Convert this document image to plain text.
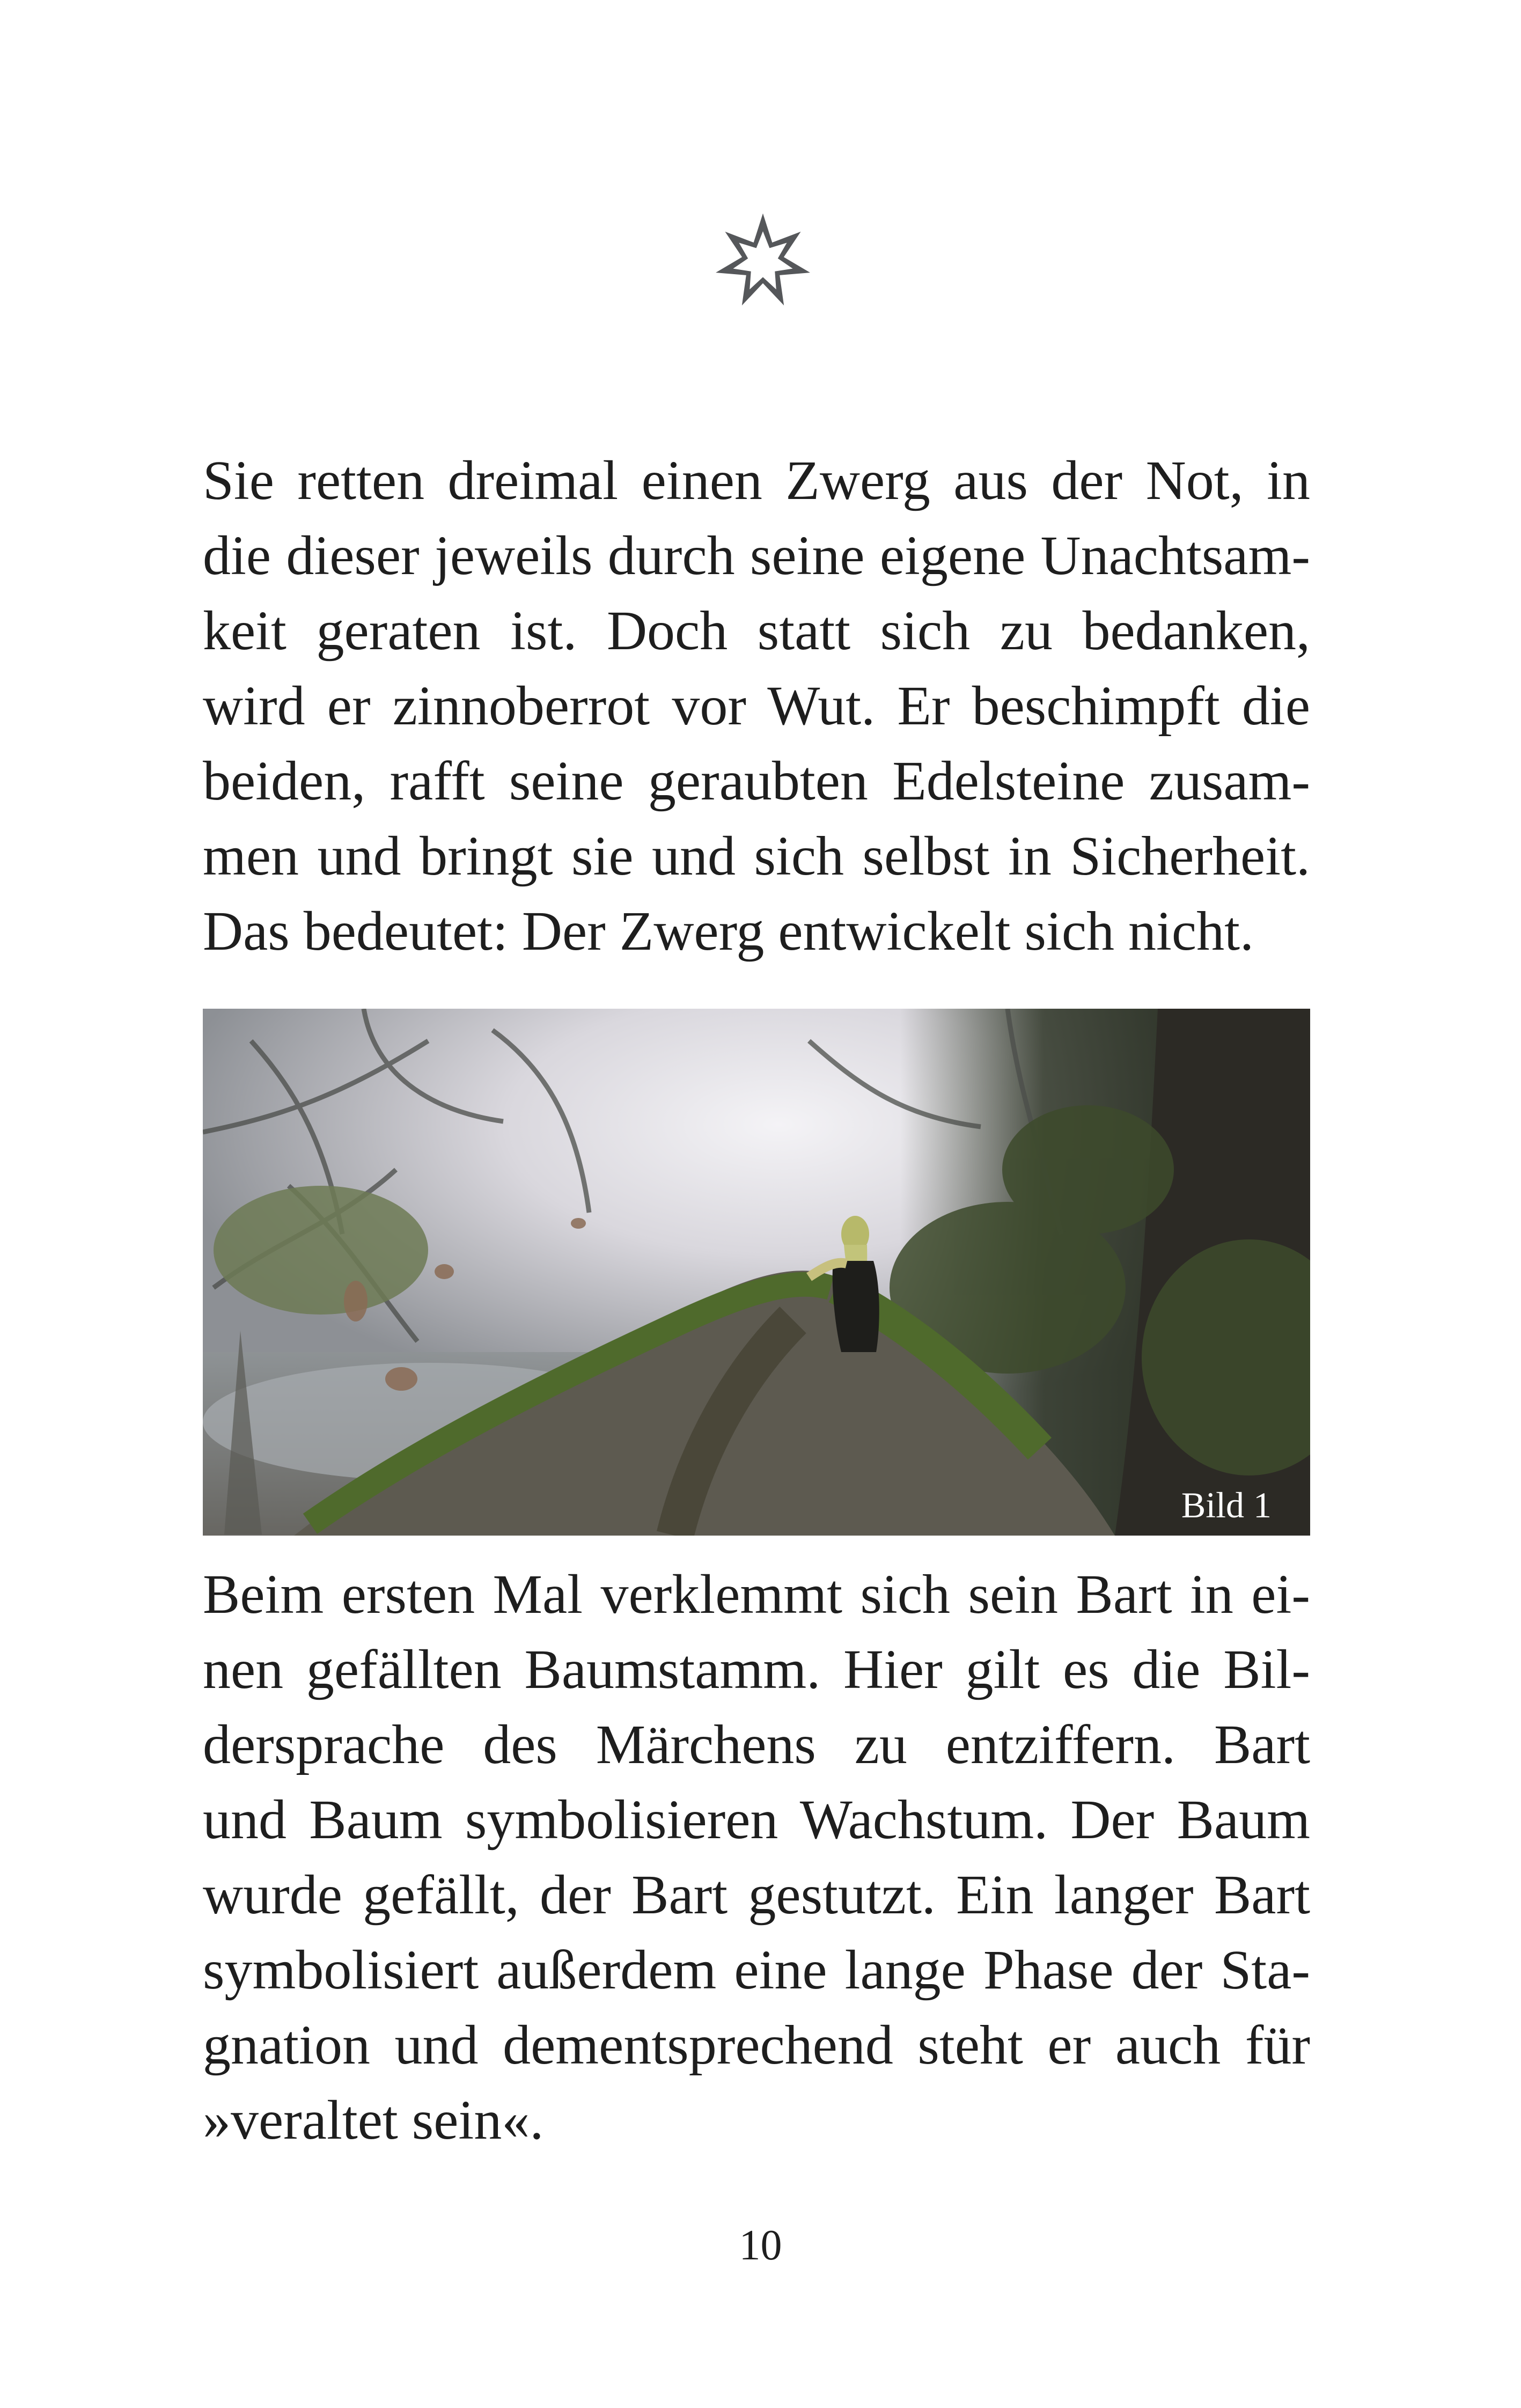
Sie retten dreimal einen Zwerg aus der Not, in
die dieser jeweils durch seine eigene Unachtsam-
keit geraten ist. Doch statt sich zu bedanken,
wird er zinnoberrot vor Wut. Er beschimpft die
beiden, rafft seine geraubten Edelsteine zusam-
men und bringt sie und sich selbst in Sicherheit.
Das bedeutet: Der Zwerg entwickelt sich nicht.
Bild 1
Beim ersten Mal verklemmt sich sein Bart in ei-
nen gefällten Baumstamm. Hier gilt es die Bil-
dersprache des Märchens zu entziffern. Bart
und Baum symbolisieren Wachstum. Der Baum
wurde gefällt, der Bart gestutzt. Ein langer Bart
symbolisiert außerdem eine lange Phase der Sta-
gnation und dementsprechend steht er auch für
»veraltet sein«.
10
